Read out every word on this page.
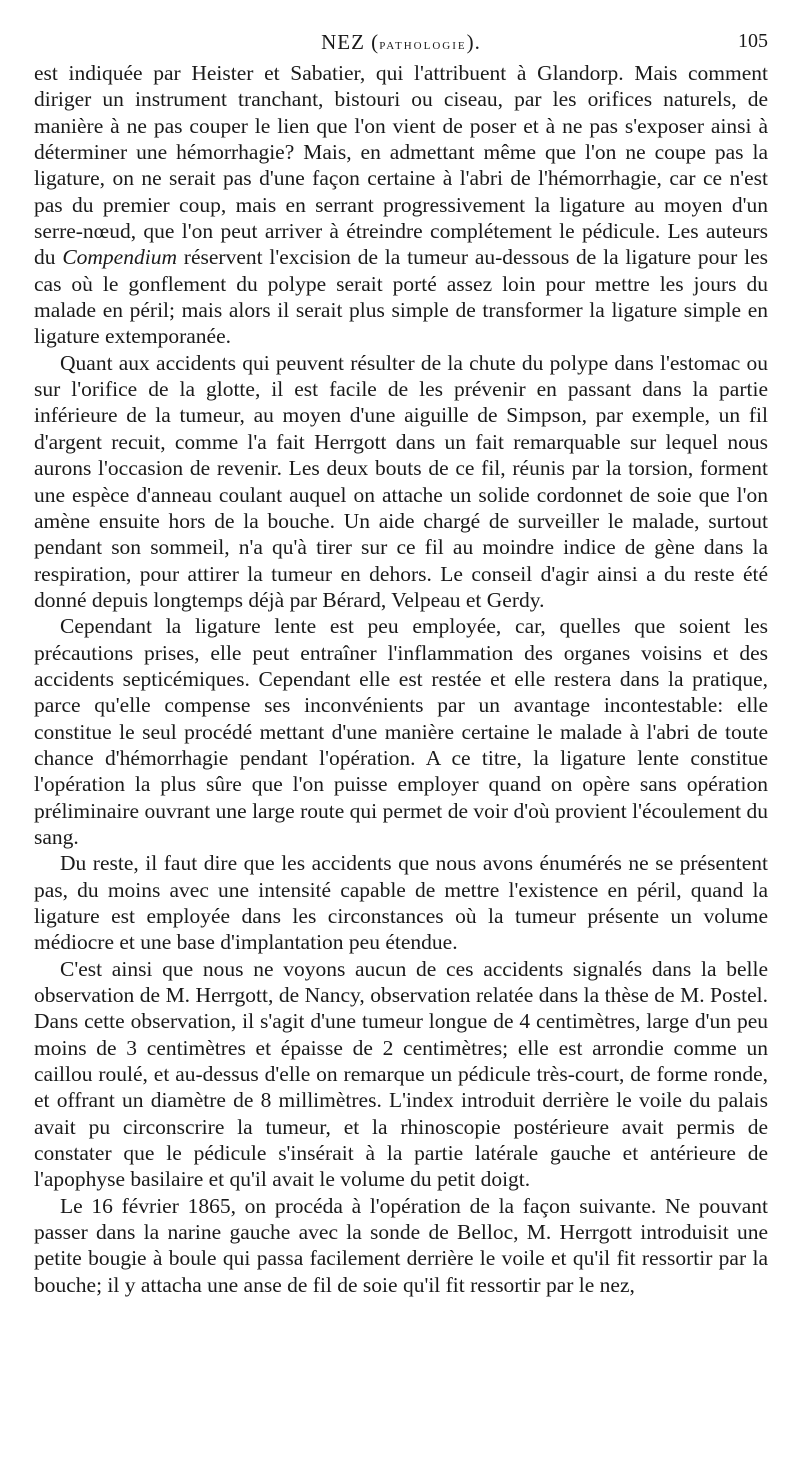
NEZ (pathologie).	105

est indiquée par Heister et Sabatier, qui l'attribuent à Glandorp. Mais comment diriger un instrument tranchant, bistouri ou ciseau, par les orifices naturels, de manière à ne pas couper le lien que l'on vient de poser et à ne pas s'exposer ainsi à déterminer une hémorrhagie? Mais, en admettant même que l'on ne coupe pas la ligature, on ne serait pas d'une façon certaine à l'abri de l'hémorrhagie, car ce n'est pas du premier coup, mais en serrant progressivement la ligature au moyen d'un serre-nœud, que l'on peut arriver à étreindre complétement le pédicule. Les auteurs du Compendium réservent l'excision de la tumeur au-dessous de la ligature pour les cas où le gonflement du polype serait porté assez loin pour mettre les jours du malade en péril; mais alors il serait plus simple de transformer la ligature simple en ligature extemporanée.

Quant aux accidents qui peuvent résulter de la chute du polype dans l'estomac ou sur l'orifice de la glotte, il est facile de les prévenir en passant dans la partie inférieure de la tumeur, au moyen d'une aiguille de Simpson, par exemple, un fil d'argent recuit, comme l'a fait Herrgott dans un fait remarquable sur lequel nous aurons l'occasion de revenir. Les deux bouts de ce fil, réunis par la torsion, forment une espèce d'anneau coulant auquel on attache un solide cordonnet de soie que l'on amène ensuite hors de la bouche. Un aide chargé de surveiller le malade, surtout pendant son sommeil, n'a qu'à tirer sur ce fil au moindre indice de gène dans la respiration, pour attirer la tumeur en dehors. Le conseil d'agir ainsi a du reste été donné depuis longtemps déjà par Bérard, Velpeau et Gerdy.

Cependant la ligature lente est peu employée, car, quelles que soient les précautions prises, elle peut entraîner l'inflammation des organes voisins et des accidents septicémiques. Cependant elle est restée et elle restera dans la pratique, parce qu'elle compense ses inconvénients par un avantage incontestable: elle constitue le seul procédé mettant d'une manière certaine le malade à l'abri de toute chance d'hémorrhagie pendant l'opération. A ce titre, la ligature lente constitue l'opération la plus sûre que l'on puisse employer quand on opère sans opération préliminaire ouvrant une large route qui permet de voir d'où provient l'écoulement du sang.

Du reste, il faut dire que les accidents que nous avons énumérés ne se présentent pas, du moins avec une intensité capable de mettre l'existence en péril, quand la ligature est employée dans les circonstances où la tumeur présente un volume médiocre et une base d'implantation peu étendue.

C'est ainsi que nous ne voyons aucun de ces accidents signalés dans la belle observation de M. Herrgott, de Nancy, observation relatée dans la thèse de M. Postel. Dans cette observation, il s'agit d'une tumeur longue de 4 centimètres, large d'un peu moins de 3 centimètres et épaisse de 2 centimètres; elle est arrondie comme un caillou roulé, et au-dessus d'elle on remarque un pédicule très-court, de forme ronde, et offrant un diamètre de 8 millimètres. L'index introduit derrière le voile du palais avait pu circonscrire la tumeur, et la rhinoscopie postérieure avait permis de constater que le pédicule s'insérait à la partie latérale gauche et antérieure de l'apophyse basilaire et qu'il avait le volume du petit doigt.

Le 16 février 1865, on procéda à l'opération de la façon suivante. Ne pouvant passer dans la narine gauche avec la sonde de Belloc, M. Herrgott introduisit une petite bougie à boule qui passa facilement derrière le voile et qu'il fit ressortir par la bouche; il y attacha une anse de fil de soie qu'il fit ressortir par le nez,
